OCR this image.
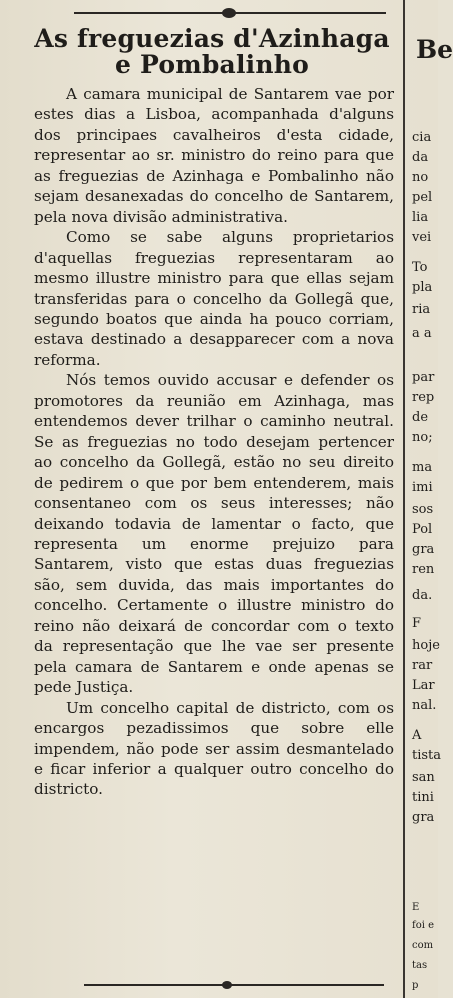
As freguezias d'Azinhaga
e Pombalinho

A camara municipal de Santarem vae por estes dias a Lisboa, acompanhada d'alguns dos principaes cavalheiros d'esta cidade, representar ao sr. ministro do reino para que as freguezias de Azinhaga e Pombalinho não sejam desanexadas do concelho de Santarem, pela nova divisão administrativa.

Como se sabe alguns proprietarios d'aquellas freguezias representaram ao mesmo illustre ministro para que ellas sejam transferidas para o concelho da Gollegã que, segundo boatos que ainda ha pouco corriam, estava destinado a desapparecer com a nova reforma.

Nós temos ouvido accusar e defender os promotores da reunião em Azinhaga, mas entendemos dever trilhar o caminho neutral. Se as freguezias no todo desejam pertencer ao concelho da Gollegã, estão no seu direito de pedirem o que por bem entenderem, mais consentaneo com os seus interesses; não deixando todavia de lamentar o facto, que representa um enorme prejuizo para Santarem, visto que estas duas freguezias são, sem duvida, das mais importantes do concelho. Certamente o illustre ministro do reino não deixará de concordar com o texto da representação que lhe vae ser presente pela camara de Santarem e onde apenas se pede Justiça.

Um concelho capital de districto, com os encargos pezadissimos que sobre elle impendem, não pode ser assim desmantelado e ficar inferior a qualquer outro concelho do districto.

Be
cia
da
no
pel
lia
vei
To
pla
ria
a a
par
rep
de
no;
ma
imi
sos
Pol
gra
ren
da.
F
hoje
rar
Lar
nal.
A
tista
san
tini
gra
E
foi e
com
tas
p
